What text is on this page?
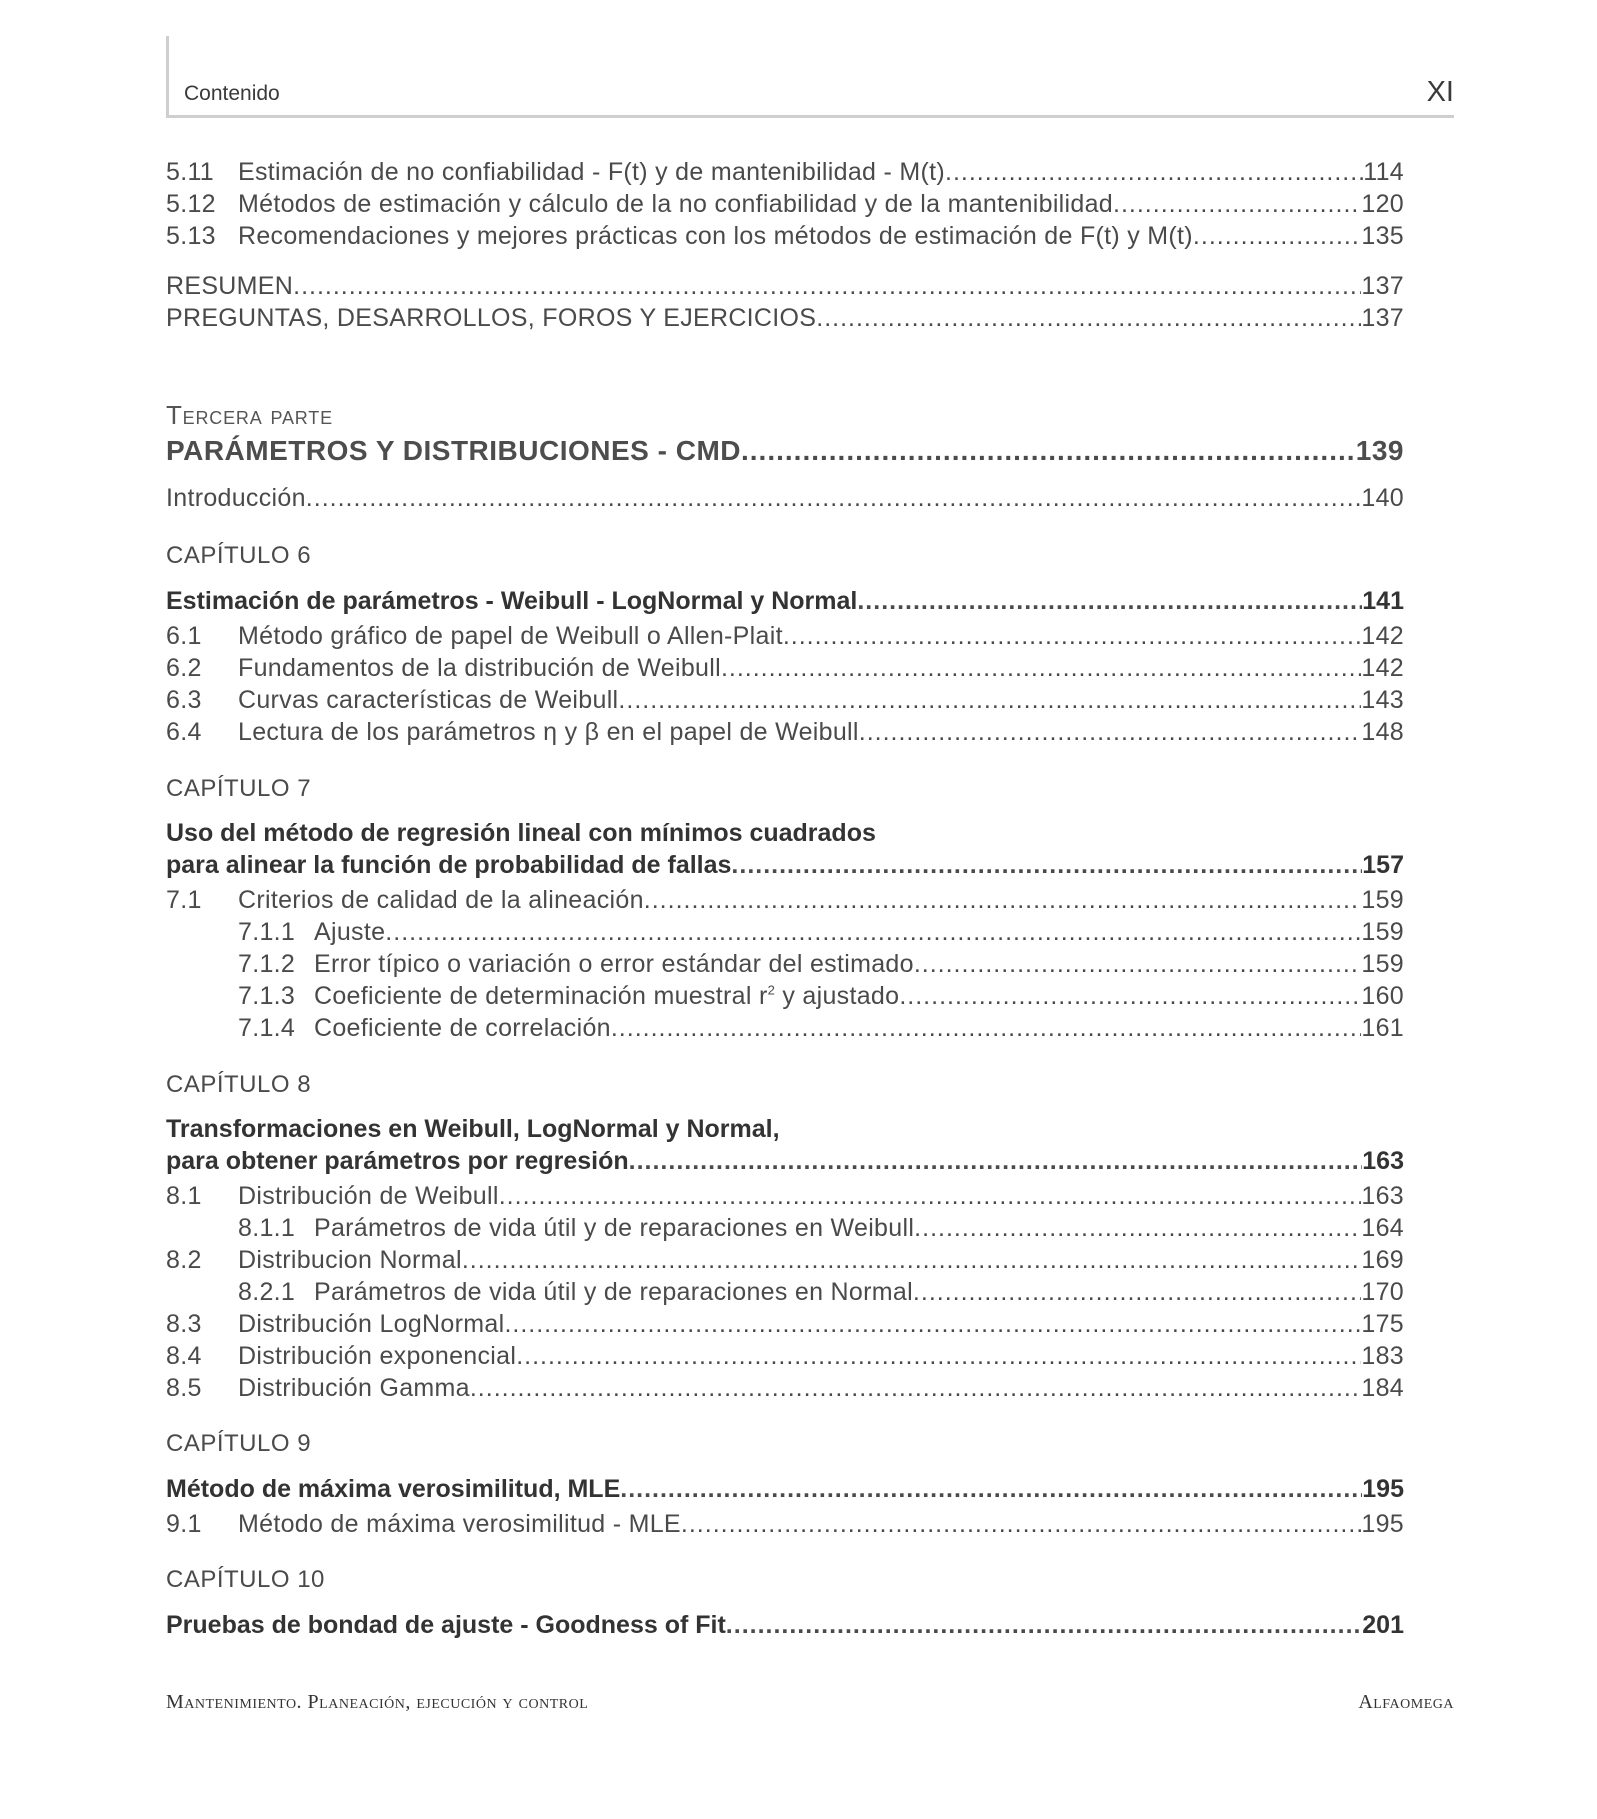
Contenido	XI
5.11 Estimación de no confiabilidad - F(t) y de mantenibilidad - M(t) .....	114
5.12 Métodos de estimación y cálculo de la no confiabilidad y de la mantenibilidad .....	120
5.13 Recomendaciones y mejores prácticas con los métodos de estimación de F(t) y M(t) .....	135
RESUMEN .....	137
PREGUNTAS, DESARROLLOS, FOROS Y EJERCICIOS .....	137
Tercera parte
PARÁMETROS Y DISTRIBUCIONES - CMD .....	139
Introducción .....	140
CAPÍTULO 6
Estimación de parámetros - Weibull - LogNormal y Normal .....	141
6.1	Método gráfico de papel de Weibull o Allen-Plait .....	142
6.2	Fundamentos de la distribución de Weibull .....	142
6.3	Curvas características de Weibull .....	143
6.4	Lectura de los parámetros η y β en el papel de Weibull .....	148
CAPÍTULO 7
Uso del método de regresión lineal con mínimos cuadrados
para alinear la función de probabilidad de fallas .....	157
7.1	Criterios de calidad de la alineación .....	159
7.1.1 Ajuste .....	159
7.1.2 Error típico o variación o error estándar del estimado .....	159
7.1.3 Coeficiente de determinación muestral $r^2$ y ajustado .....	160
7.1.4 Coeficiente de correlación .....	161
CAPÍTULO 8
Transformaciones en Weibull, LogNormal y Normal,
para obtener parámetros por regresión .....	163
8.1	Distribución de Weibull .....	163
8.1.1 Parámetros de vida útil y de reparaciones en Weibull .....	164
8.2	Distribucion Normal .....	169
8.2.1 Parámetros de vida útil y de reparaciones en Normal .....	170
8.3	Distribución LogNormal .....	175
8.4	Distribución exponencial .....	183
8.5	Distribución Gamma .....	184
CAPÍTULO 9
Método de máxima verosimilitud, MLE .....	195
9.1	Método de máxima verosimilitud - MLE .....	195
CAPÍTULO 10
Pruebas de bondad de ajuste - Goodness of Fit .....	201
Mantenimiento. Planeación, ejecución y control	Alfaomega
